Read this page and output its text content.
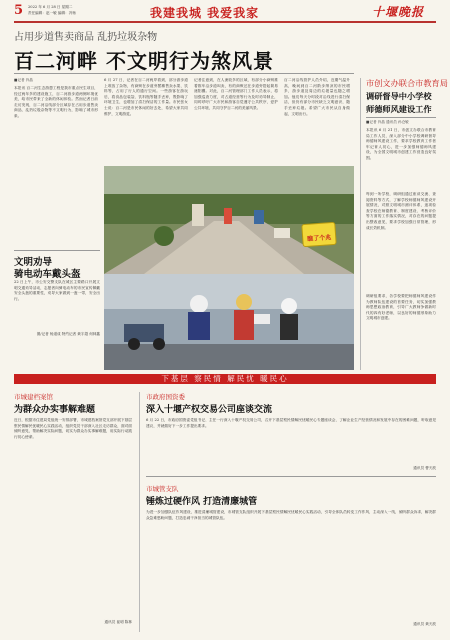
5 2022 年 6 月 28 日 星期二
责任编辑：赵一敏 编辑：冯杨	我建我城 我爱我家	十堰晚报
占用步道售卖商品 乱扔垃圾杂物
百二河畔 不文明行为煞风景
■记者 肖晶
本报讯 百二河生态游憩工程是我市重点民生项目，经过两年多的建设施工，百二河游步道两侧环境优美，给市民带来了全新的休闲体验。然而记者日前走访发现，百二河沿线部分区域存在占用步道售卖商品、乱扔垃圾杂物等不文明行为，影响了城市形象。
6 月 27 日，记者在百二河两岸看到，部分游步道上堆放了杂物，有商贩在步道旁摆摊售卖水果、饮料等，占用了行人的通行空间。一些游客在游玩后，将食品包装袋、饮料瓶等随手丢弃，既影响了环境卫生，也增加了清扫保洁的工作量。市民张女士说：百二河是市民休闲的好去处，希望大家共同维护，文明游览。
记者注意到，在人流较多的区域，有部分小商贩推着推车沿步道叫卖，有的商贩还在步道旁搭起简易遮阳棚。对此，百二河管理部门工作人员表示，将加强巡查力度，对占道经营等行为及时劝导制止，同时呼吁广大市民和游客自觉遵守公共秩序，爱护公共环境，共同守护百二河的美丽风景。
百二河沿线管护人员介绍，近期气温升高，晚间到百二河散步纳凉的市民增多，游步道及周边的垃圾量也随之增加。他们每天分时段对沿线进行清扫保洁，但仍有部分市民缺乏文明意识，随手丢弃垃圾。希望广大市民从自身做起，文明出行。
瞧了个兆
文明劝导
骑电动车戴头盔
22 日上午，市公安交警支队在城区主要路口开展文明交通劝导活动，志愿者向骑电动车的市民宣传佩戴安全头盔的重要性，劝导大家做到一盔一带，安全出行。
图/记者 杨道成 特约记者 黄宇超 何林鑫
市创文办联合市教育局
调研督导中小学校
师德师风建设工作
■记者 肖晶 通讯员 孙仓敏
本报讯 6 月 21 日，市创文办联合市教育局工作人员，深入部分中小学校调研督导师德师风建设工作，要求学校教育工作者牢记育人初心，进一步加强师德师风建设，为全国文明城市创建工作营造良好氛围。
每到一所学校，调研组通过座谈交流、查阅资料等方式，了解学校师德师风建设开展情况，对照文明城市测评体系，逐项检查学校在师德教育、制度建设、考核评价等方面的工作落实情况，对存在的问题提出整改意见，要求学校加强日常管理，形成长效机制。
调研组要求，各学校要把师德师风建设作为教师队伍建设的首要任务，切实加强教师思想政治教育，引导广大教师争做新时代的四有好老师，以良好的师德形象助力文明城市创建。
下基层 察民情 解民忧 暖民心
市城建档案馆
为群众办实事解难题
近日，根据市住建局党组统一安排部署，市城建档案馆党支部开展下基层察民情解民忧暖民心实践活动，组织党员干部深入社区走访群众，面对面倾听意见，帮助解决实际问题，切实为群众办实事解难题，用实际行动践行初心使命。
通讯员 崔明 陈林
市政府国资委
深入十堰产权交易公司座谈交流
6 月 22 日，市政府国资委党组书记、主任一行深入十堰产权交易公司，召开下基层察民情解民忧暖民心专题座谈会，了解企业生产经营情况和发展中存在的困难问题，听取意见建议，并就做好下一步工作提出要求。
通讯员 曹天波
市城管支队
锤炼过硬作风 打造清廉城管
为进一步加强队伍作风建设，推进清廉城管建设，市城管支队组织开展下基层察民情解民忧暖民心实践活动，引导全体队员转变工作作风，主动深入一线，倾听群众诉求，解决群众急难愁盼问题，打造忠诚干净担当的城管队伍。
通讯员 黄天波
